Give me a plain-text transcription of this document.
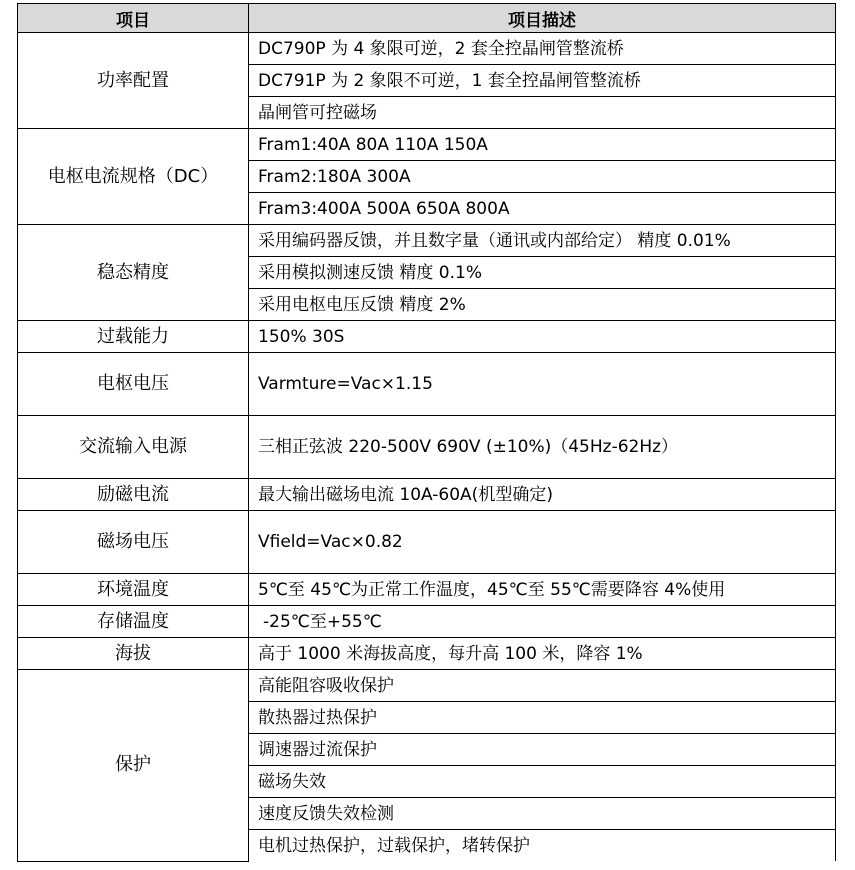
项目	项目描述
功率配置	DC790P 为 4 象限可逆，2 套全控晶闸管整流桥
	DC791P 为 2 象限不可逆，1 套全控晶闸管整流桥
	晶闸管可控磁场
电枢电流规格（DC）	Fram1:40A 80A 110A 150A
	Fram2:180A 300A
	Fram3:400A 500A 650A 800A
稳态精度	采用编码器反馈，并且数字量（通讯或内部给定） 精度 0.01%
	采用模拟测速反馈 精度 0.1%
	采用电枢电压反馈 精度 2%
过载能力	150% 30S
电枢电压	Varmture=Vac×1.15
交流输入电源	三相正弦波 220-500V 690V (±10%)（45Hz-62Hz）
励磁电流	最大输出磁场电流 10A-60A(机型确定)
磁场电压	Vfield=Vac×0.82
环境温度	5℃至 45℃为正常工作温度，45℃至 55℃需要降容 4%使用
存储温度	-25℃至+55℃
海拔	高于 1000 米海拔高度，每升高 100 米，降容 1%
保护	高能阻容吸收保护
	散热器过热保护
	调速器过流保护
	磁场失效
	速度反馈失效检测
	电机过热保护，过载保护，堵转保护
